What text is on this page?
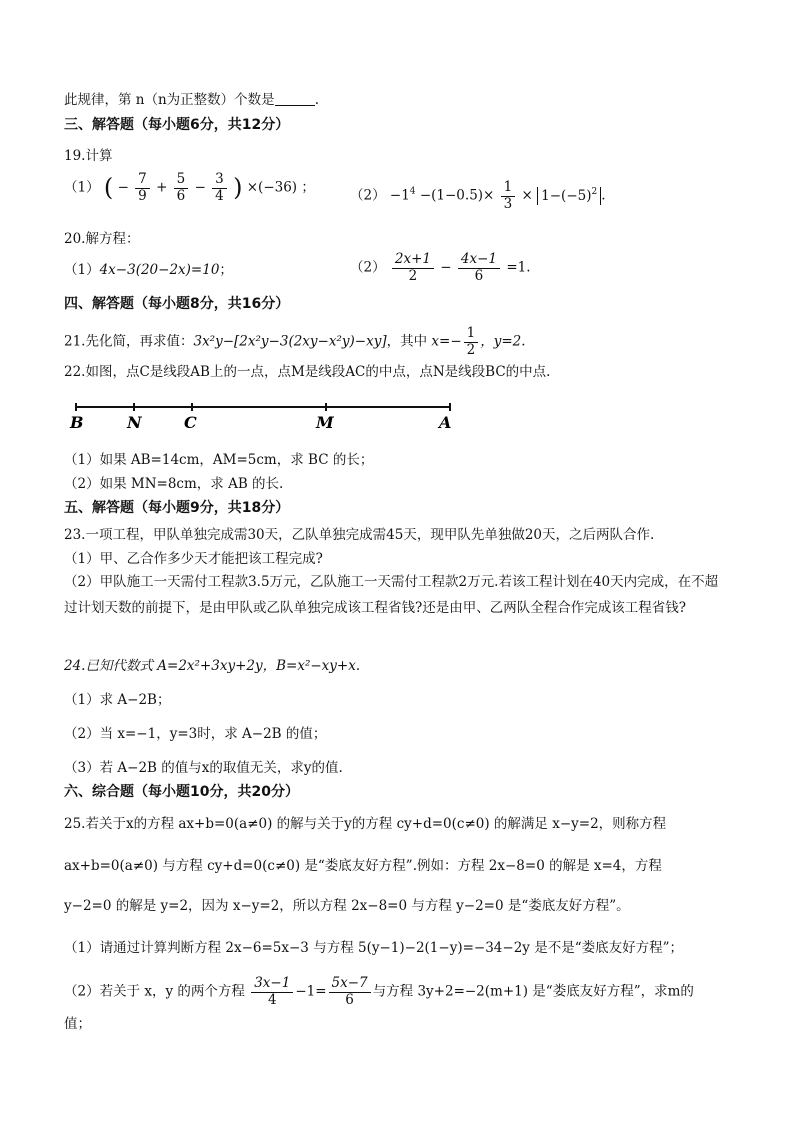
此规律，第 n（n为正整数）个数是	.
三、解答题（每小题6分，共12分）
19.计算
（1） ( − $\frac{7}{9} + \frac{5}{6} - \frac{3}{4}$ ) ×(−36) ；	$(2) -1^4 -(1-0.5)\times \frac{1}{3} \times 1-(-5)^2$ .
20.解方程：
（1）4x−3(20−2x)=10；	$(2) \frac{2x+1}{2} - \frac{4x-1}{6} =1$.
四、解答题（每小题8分，共16分）
21.先化简，再求值：3x²y−[2x²y−3(2xy−x²y)−xy]，其中 $x=- \frac{1}{2}$ ，y=2.
22.如图，点C是线段AB上的一点，点M是线段AC的中点，点N是线段BC的中点.
B	N	C	M	A
（1）如果 AB=14cm，AM=5cm，求 BC 的长；
（2）如果 MN=8cm，求 AB 的长.
五、解答题（每小题9分，共18分）
23.一项工程，甲队单独完成需30天，乙队单独完成需45天，现甲队先单独做20天，之后两队合作.
（1）甲、乙合作多少天才能把该工程完成?
（2）甲队施工一天需付工程款3.5万元，乙队施工一天需付工程款2万元.若该工程计划在40天内完成，在不超过计划天数的前提下，是由甲队或乙队单独完成该工程省钱?还是由甲、乙两队全程合作完成该工程省钱?
24.已知代数式 A=2x²+3xy+2y，B=x²−xy+x.
（1）求 A−2B；
（2）当 x=−1，y=3时，求 A−2B 的值；
（3）若 A−2B 的值与x的取值无关，求y的值.
六、综合题（每小题10分，共20分）
25.若关于x的方程 ax+b=0(a≠0) 的解与关于y的方程 cy+d=0(c≠0) 的解满足 x−y=2，则称方程
ax+b=0(a≠0) 与方程 cy+d=0(c≠0) 是“娄底友好方程”.例如：方程 2x−8=0 的解是 x=4，方程
y−2=0 的解是 y=2，因为 x−y=2，所以方程 2x−8=0 与方程 y−2=0 是“娄底友好方程”。
（1）请通过计算判断方程 2x−6=5x−3 与方程 5(y−1)−2(1−y)=−34−2y 是不是“娄底友好方程”；
（2）若关于 x，y 的两个方程 $\frac{3x-1}{4} -1= \frac{5x-7}{6}$ 与方程 3y+2=−2(m+1) 是“娄底友好方程”，求m的
值；
